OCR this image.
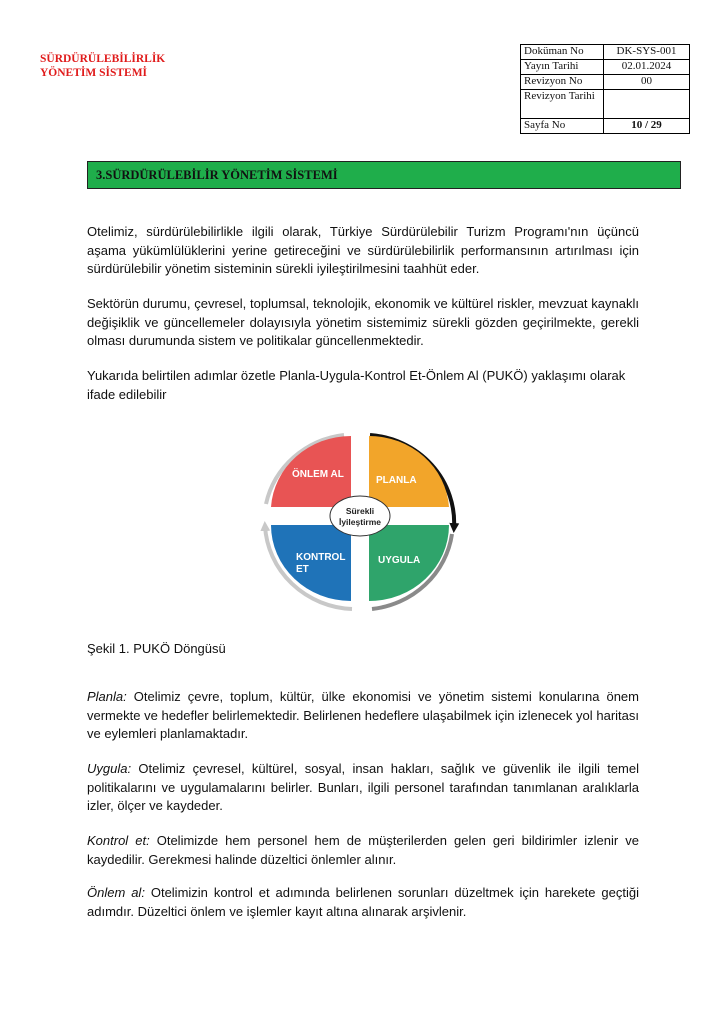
SÜRDÜRÜLEBİLİRLİK
YÖNETİM SİSTEMİ
Doküman No	DK-SYS-001
Yayın Tarihi	02.01.2024
Revizyon No	00
Revizyon Tarihi	
Sayfa No	10 / 29
3.SÜRDÜRÜLEBİLİR YÖNETİM SİSTEMİ
Otelimiz, sürdürülebilirlikle ilgili olarak, Türkiye Sürdürülebilir Turizm Programı'nın üçüncü aşama yükümlülüklerini yerine getireceğini ve sürdürülebilirlik performansının artırılması için sürdürülebilir yönetim sisteminin sürekli iyileştirilmesini taahhüt eder.
Sektörün durumu, çevresel, toplumsal, teknolojik, ekonomik ve kültürel riskler, mevzuat kaynaklı değişiklik ve güncellemeler dolayısıyla yönetim sistemimiz sürekli gözden geçirilmekte, gerekli olması durumunda sistem ve politikalar güncellenmektedir.
Yukarıda belirtilen adımlar özetle Planla-Uygula-Kontrol Et-Önlem Al (PUKÖ) yaklaşımı olarak ifade edilebilir
Sürekli
İyileştirme
ÖNLEM AL
PLANLA
KONTROL
ET
UYGULA
Şekil 1. PUKÖ Döngüsü
Planla: Otelimiz çevre, toplum, kültür, ülke ekonomisi ve yönetim sistemi konularına önem vermekte ve hedefler belirlemektedir. Belirlenen hedeflere ulaşabilmek için izlenecek yol haritası ve eylemleri planlamaktadır.
Uygula: Otelimiz çevresel, kültürel, sosyal, insan hakları, sağlık ve güvenlik ile ilgili temel politikalarını ve uygulamalarını belirler. Bunları, ilgili personel tarafından tanımlanan aralıklarla izler, ölçer ve kaydeder.
Kontrol et: Otelimizde hem personel hem de müşterilerden gelen geri bildirimler izlenir ve kaydedilir. Gerekmesi halinde düzeltici önlemler alınır.
Önlem al: Otelimizin kontrol et adımında belirlenen sorunları düzeltmek için harekete geçtiği adımdır. Düzeltici önlem ve işlemler kayıt altına alınarak arşivlenir.
